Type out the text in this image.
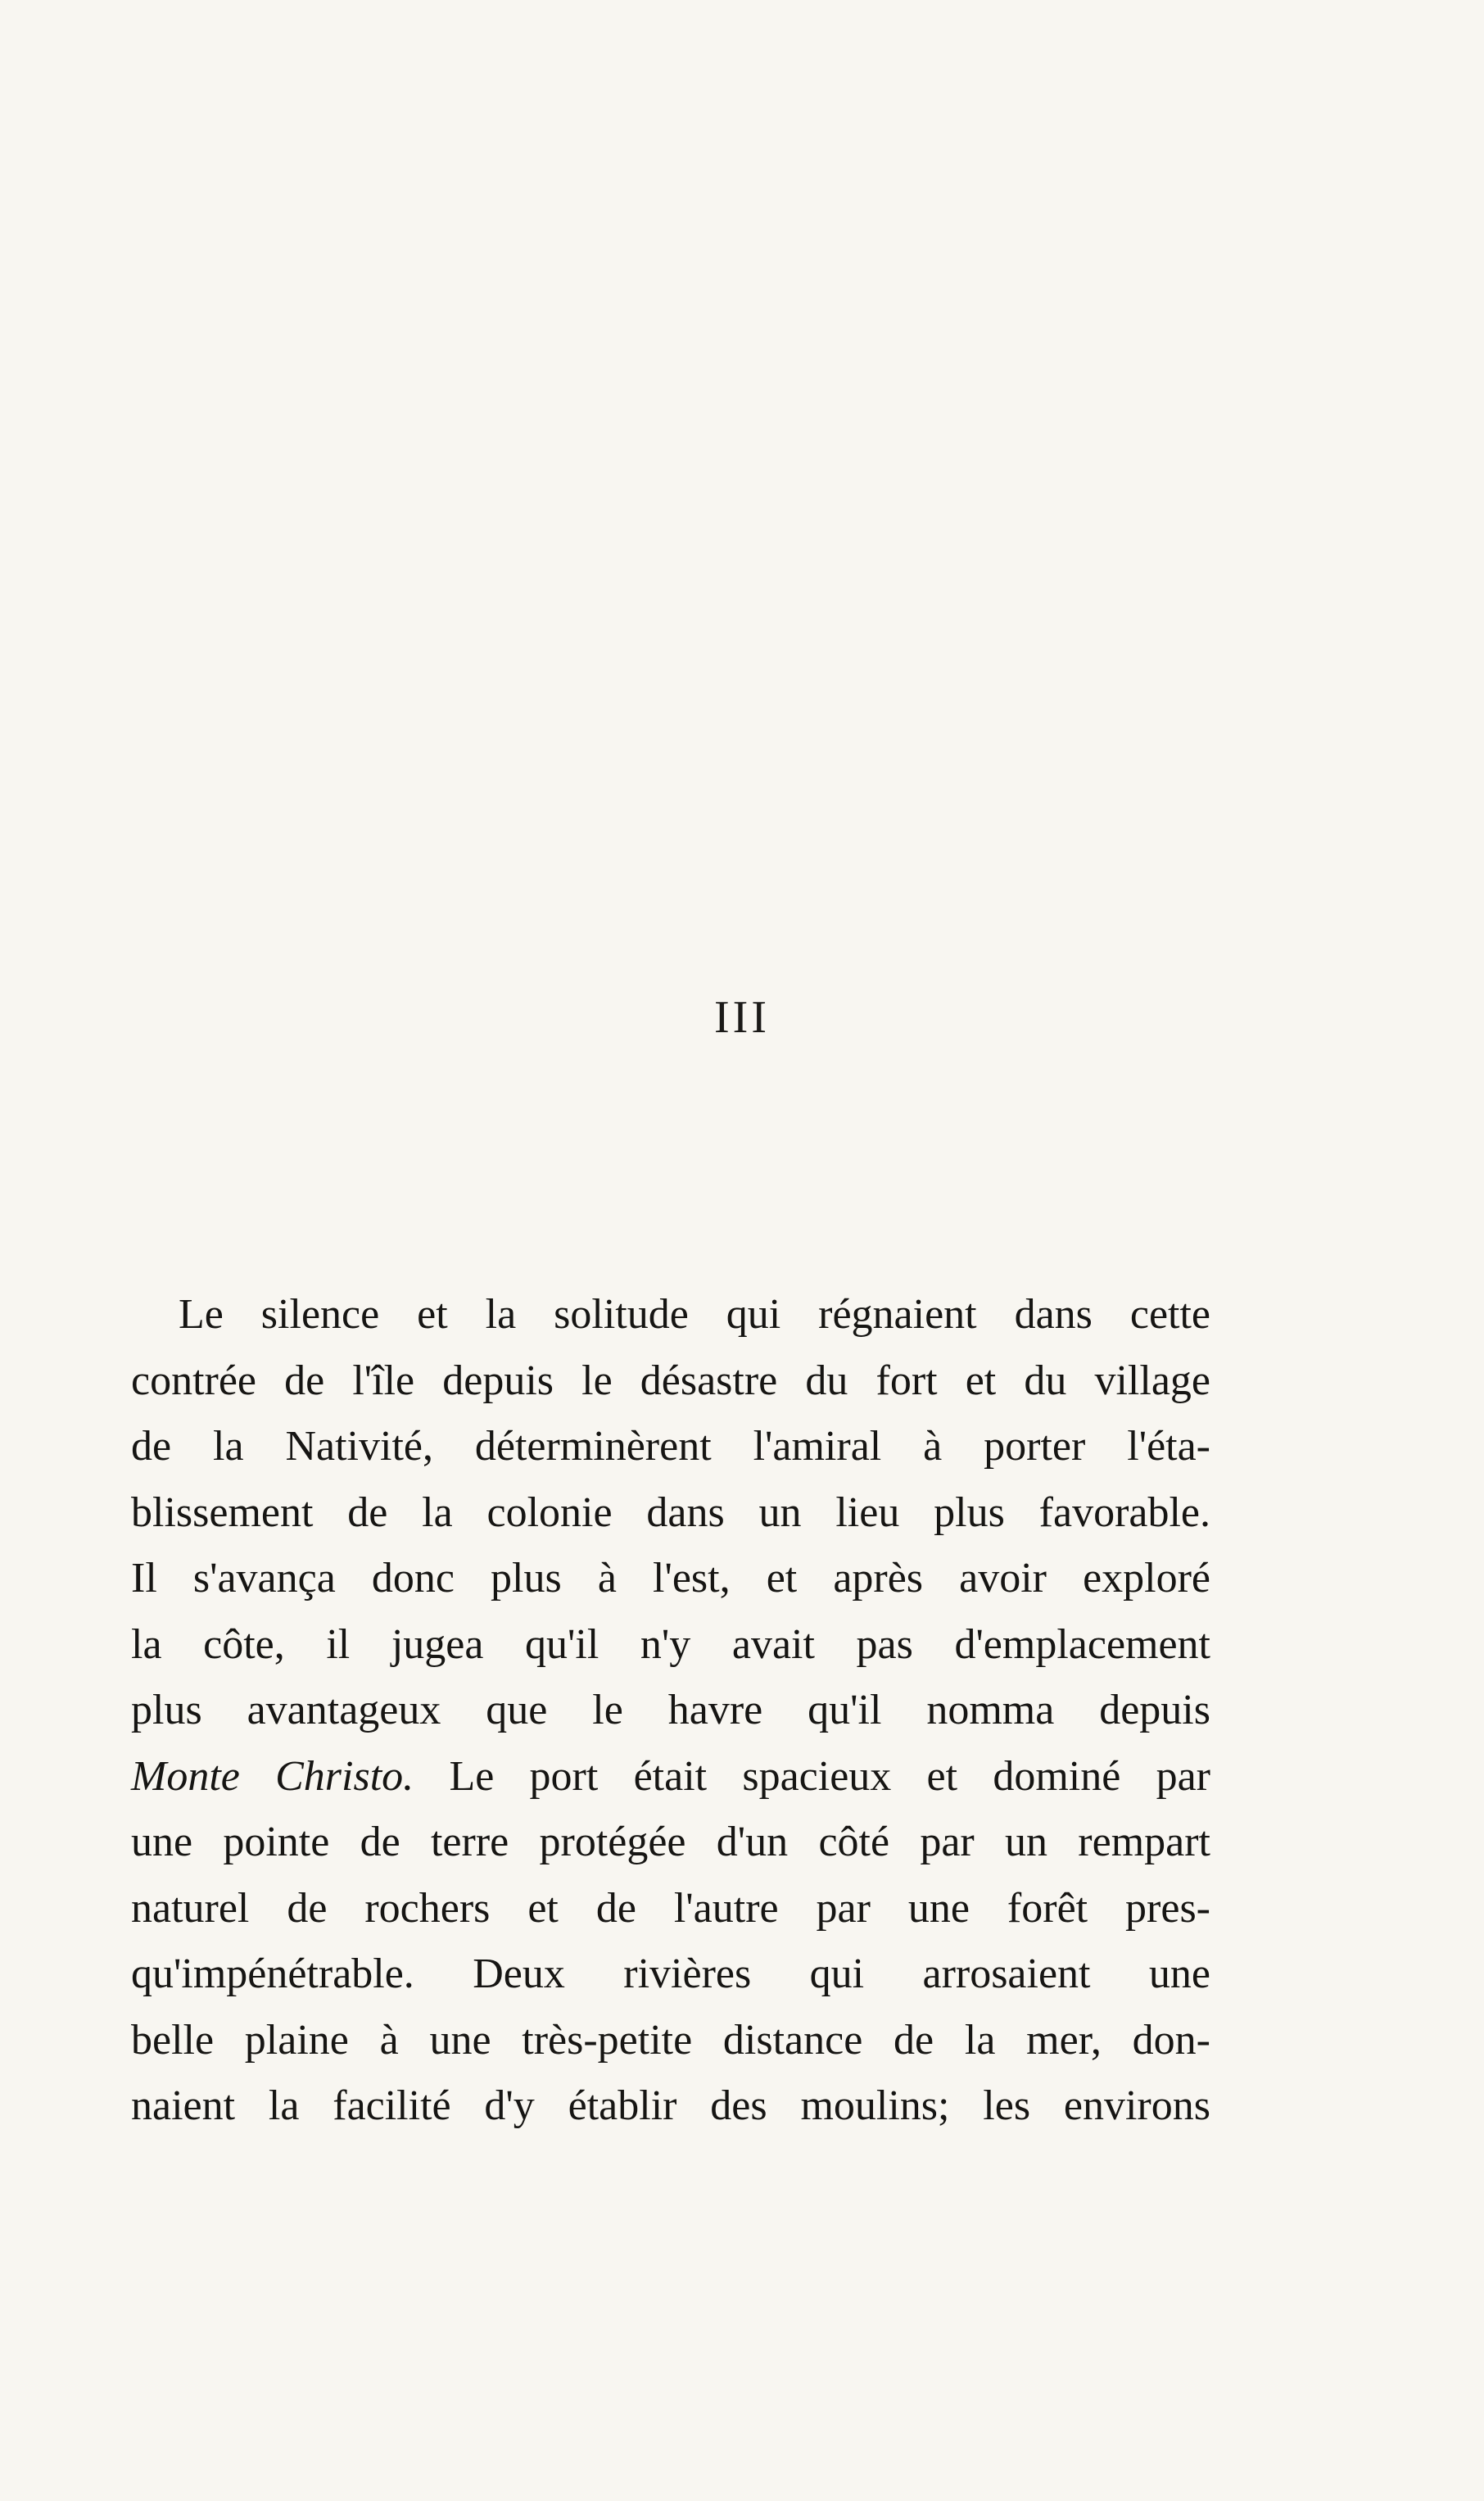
III
Le silence et la solitude qui régnaient dans cette
contrée de l'île depuis le désastre du fort et du village
de la Nativité, déterminèrent l'amiral à porter l'éta-
blissement de la colonie dans un lieu plus favorable.
Il s'avança donc plus à l'est, et après avoir exploré
la côte, il jugea qu'il n'y avait pas d'emplacement
plus avantageux que le havre qu'il nomma depuis
Monte Christo. Le port était spacieux et dominé par
une pointe de terre protégée d'un côté par un rempart
naturel de rochers et de l'autre par une forêt pres-
qu'impénétrable. Deux rivières qui arrosaient une
belle plaine à une très-petite distance de la mer, don-
naient la facilité d'y établir des moulins; les environs
